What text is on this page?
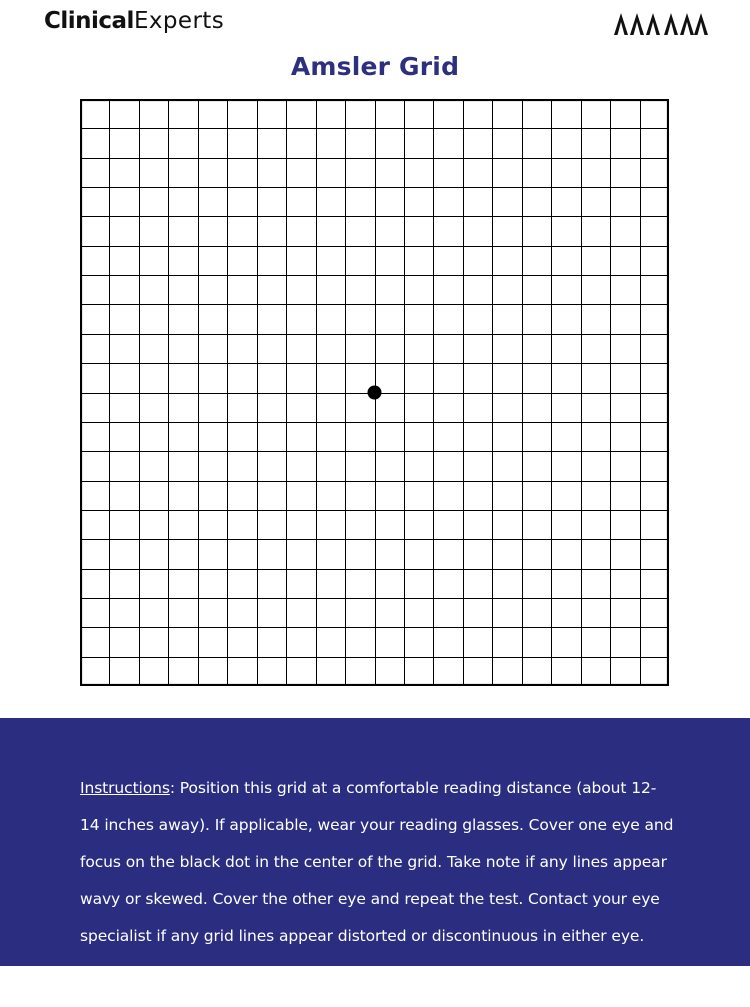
ClinicalExperts
Amsler Grid

Instructions: Position this grid at a comfortable reading distance (about 12-14 inches away). If applicable, wear your reading glasses. Cover one eye and focus on the black dot in the center of the grid. Take note if any lines appear wavy or skewed. Cover the other eye and repeat the test. Contact your eye specialist if any grid lines appear distorted or discontinuous in either eye.
